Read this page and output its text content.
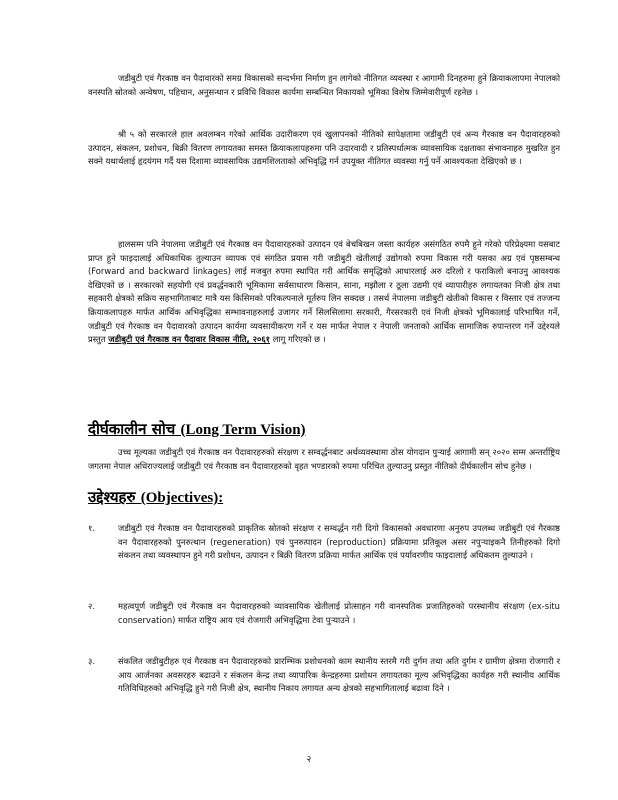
जडीबुटी एवं गैरकाष्ठ वन पैदावारको समग्र विकासको सन्दर्भमा निर्माण हुन लागेको नीतिगत व्यवस्था र आगामी दिनहरुमा हुने क्रियाकलापमा नेपालको वनस्पति स्रोतको अन्वेषण, पहिचान, अनुसन्धान र प्रविधि विकास कार्यमा सम्बन्धित निकायको भूमिका विशेष जिम्मेवारीपूर्ण रहनेछ ।

श्री ५ को सरकारले हाल अवलम्बन गरेको आर्थिक उदारीकरण एवं खुलापनको नीतिको सापेक्षतामा जडीबुटी एवं अन्य गैरकाष्ठ वन पैदावारहरुको उत्पादन, संकलन, प्रशोधन, बिक्री वितरण लगायतका समस्त क्रियाकलापहरुमा पनि उदारवादी र प्रतिस्पर्धात्मक व्यावसायिक दक्षताका संभावनाहरु मुखरित हुन सक्ने यथार्थलाई हृदयंगम गर्दै यस दिशामा व्यावसायिक उद्यमशिलताको अभिवृद्धि गर्न उपयुक्त नीतिगत व्यवस्था गर्नु पर्ने आवश्यकता देखिएको छ ।

हालसम्म पनि नेपालमा जडीबुटी एवं गैरकाष्ठ वन पैदावारहरुको उत्पादन एवं बेचबिखन जस्ता कार्यहरु असंगठित रुपमै हुने गरेको परिप्रेक्ष्यमा यसबाट प्राप्त हुने फाइदालाई अधिकाधिक तुल्याउन व्यापक एवं संगठित प्रयास गरी जडीबुटी खेतीलाई उद्योगको रुपमा विकास गरी यसका अग्र एवं पृष्ठसम्बन्ध (Forward and backward linkages) लाई मजबुत रुपमा स्थापित गरी आर्थिक समृद्धिको आधारलाई अरु दरिलो र फराकिलो बनाउनु आवश्यक देखिएको छ । सरकारको सहयोगी एवं प्रवर्द्धनकारी भूमिकामा सर्वसाधारण किसान, साना, मझौला र ठूला उद्यमी एवं व्यापारीहरु लगायतका निजी क्षेत्र तथा सहकारी क्षेत्रको सक्रिय सहभागिताबाट मात्रै यस किसिमको परिकल्पनाले मूर्तरुप लिन सक्दछ । तसर्थ नेपालमा जडीबुटी खेतीको विकास र विस्तार एवं तज्जन्य क्रियाकलापहरु मार्फत आर्थिक अभिवृद्धिका सम्भावनाहरुलाई उजागर गर्ने सिलसिलामा सरकारी, गैरसरकारी एवं निजी क्षेत्रको भूमिकालाई परिभाषित गर्ने, जडीबुटी एवं गैरकाष्ठ वन पैदावारको उत्पादन कार्यमा व्यवसायीकरण गर्ने र यस मार्फत नेपाल र नेपाली जनताको आर्थिक सामाजिक रुपान्तरण गर्ने उद्देश्यले प्रस्तुत जडीबुटी एवं गैरकाष्ठ वन पैदावार विकास नीति, २०६१ लागू गरिएको छ ।

दीर्घकालीन सोच (Long Term Vision)

उच्च मूल्यका जडीबुटी एवं गैरकाष्ठ वन पैदावारहरुको संरक्षण र सम्वर्द्धनबाट अर्थव्यवस्थामा ठोस योगदान पुऱ्याई आगामी सन् २०२० सम्म अन्तर्राष्ट्रिय जगतमा नेपाल अधिराज्यलाई जडीबुटी एवं गैरकाष्ठ वन पैदावारहरुको वृहत भण्डारको रुपमा परिचित तुल्याउनु प्रस्तुत नीतिको दीर्घकालीन सोच हुनेछ ।

उद्देश्यहरु (Objectives):
१.	जडीबुटी एवं गैरकाष्ठ वन पैदावारहरुको प्राकृतिक स्रोतको संरक्षण र सम्वर्द्धन गरी दिगो विकासको अवधारणा अनुरुप उपलब्ध जडीबुटी एवं गैरकाष्ठ वन पैदावारहरुको पुनरुत्थान (regeneration) एवं पुनरुत्पादन (reproduction) प्रक्रियामा प्रतिकूल असर नपुऱ्याइकनै तिनीहरुको दिगो संकलन तथा व्यवस्थापन हुने गरी प्रशोधन, उत्पादन र बिक्री वितरण प्रक्रिया मार्फत आर्थिक एवं पर्यावरणीय फाइदालाई अधिकतम तुल्याउने ।

२.	महत्वपूर्ण जडीबुटी एवं गैरकाष्ठ वन पैदावारहरुको व्यावसायिक खेतीलाई प्रोत्साहन गरी वानस्पतिक प्रजातिहरुको परस्थानीय संरक्षण (ex-situ conservation) मार्फत राष्ट्रिय आय एवं रोजगारी अभिवृद्धिमा टेवा पुऱ्याउने ।

३.	संकलित जडीबुटीहरु एवं गैरकाष्ठ वन पैदावारहरुको प्रारम्भिक प्रशोधनको काम स्थानीय स्तरमै गरी दुर्गम तथा अति दुर्गम र ग्रामीण क्षेत्रमा रोजगारी र आय आर्जनका अवसरहरु बढाउने र संकलन केन्द्र तथा व्यापारिक केन्द्रहरुमा प्रशोधन लगायतका मूल्य अभिवृद्धिका कार्यहरु गरी स्थानीय आर्थिक गतिविधिहरुको अभिवृद्धि हुने गरी निजी क्षेत्र, स्थानीय निकाय लगायत अन्य क्षेत्रको सहभागितालाई बढावा दिने ।

२
